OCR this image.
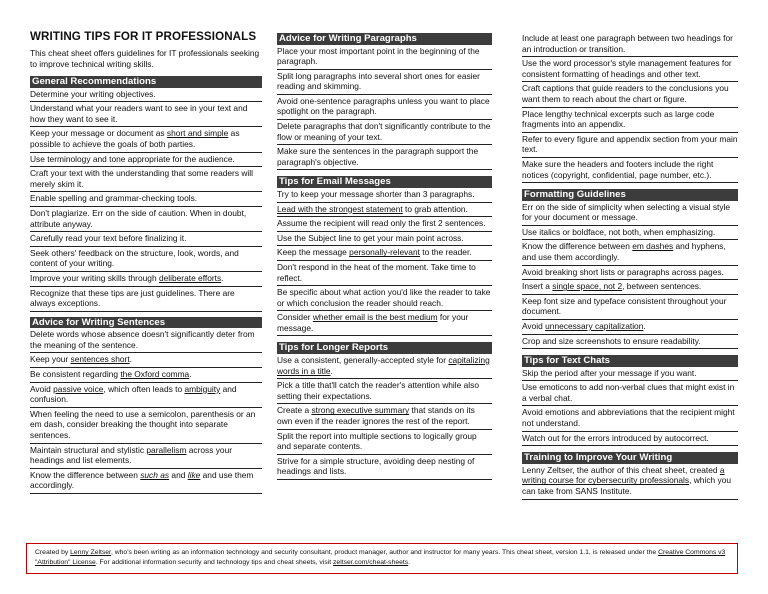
WRITING TIPS FOR IT PROFESSIONALS
This cheat sheet offers guidelines for IT professionals seeking to improve technical writing skills.
General Recommendations
Determine your writing objectives.
Understand what your readers want to see in your text and how they want to see it.
Keep your message or document as short and simple as possible to achieve the goals of both parties.
Use terminology and tone appropriate for the audience.
Craft your text with the understanding that some readers will merely skim it.
Enable spelling and grammar-checking tools.
Don't plagiarize. Err on the side of caution. When in doubt, attribute anyway.
Carefully read your text before finalizing it.
Seek others' feedback on the structure, look, words, and content of your writing.
Improve your writing skills through deliberate efforts.
Recognize that these tips are just guidelines. There are always exceptions.
Advice for Writing Sentences
Delete words whose absence doesn't significantly deter from the meaning of the sentence.
Keep your sentences short.
Be consistent regarding the Oxford comma.
Avoid passive voice, which often leads to ambiguity and confusion.
When feeling the need to use a semicolon, parenthesis or an em dash, consider breaking the thought into separate sentences.
Maintain structural and stylistic parallelism across your headings and list elements.
Know the difference between such as and like and use them accordingly.
Advice for Writing Paragraphs
Place your most important point in the beginning of the paragraph.
Split long paragraphs into several short ones for easier reading and skimming.
Avoid one-sentence paragraphs unless you want to place spotlight on the paragraph.
Delete paragraphs that don't significantly contribute to the flow or meaning of your text.
Make sure the sentences in the paragraph support the paragraph's objective.
Tips for Email Messages
Try to keep your message shorter than 3 paragraphs.
Lead with the strongest statement to grab attention.
Assume the recipient will read only the first 2 sentences.
Use the Subject line to get your main point across.
Keep the message personally-relevant to the reader.
Don't respond in the heat of the moment. Take time to reflect.
Be specific about what action you'd like the reader to take or which conclusion the reader should reach.
Consider whether email is the best medium for your message.
Tips for Longer Reports
Use a consistent, generally-accepted style for capitalizing words in a title.
Pick a title that'll catch the reader's attention while also setting their expectations.
Create a strong executive summary that stands on its own even if the reader ignores the rest of the report.
Split the report into multiple sections to logically group and separate contents.
Strive for a simple structure, avoiding deep nesting of headings and lists.
Include at least one paragraph between two headings for an introduction or transition.
Use the word processor's style management features for consistent formatting of headings and other text.
Craft captions that guide readers to the conclusions you want them to reach about the chart or figure.
Place lengthy technical excerpts such as large code fragments into an appendix.
Refer to every figure and appendix section from your main text.
Make sure the headers and footers include the right notices (copyright, confidential, page number, etc.).
Formatting Guidelines
Err on the side of simplicity when selecting a visual style for your document or message.
Use italics or boldface, not both, when emphasizing.
Know the difference between em dashes and hyphens, and use them accordingly.
Avoid breaking short lists or paragraphs across pages.
Insert a single space, not 2, between sentences.
Keep font size and typeface consistent throughout your document.
Avoid unnecessary capitalization.
Crop and size screenshots to ensure readability.
Tips for Text Chats
Skip the period after your message if you want.
Use emoticons to add non-verbal clues that might exist in a verbal chat.
Avoid emotions and abbreviations that the recipient might not understand.
Watch out for the errors introduced by autocorrect.
Training to Improve Your Writing
Lenny Zeltser, the author of this cheat sheet, created a writing course for cybersecurity professionals, which you can take from SANS Institute.
Created by Lenny Zeltser, who's been writing as an information technology and security consultant, product manager, author and instructor for many years. This cheat sheet, version 1.1, is released under the Creative Commons v3 "Attribution" License. For additional information security and technology tips and cheat sheets, visit zeltser.com/cheat-sheets.
